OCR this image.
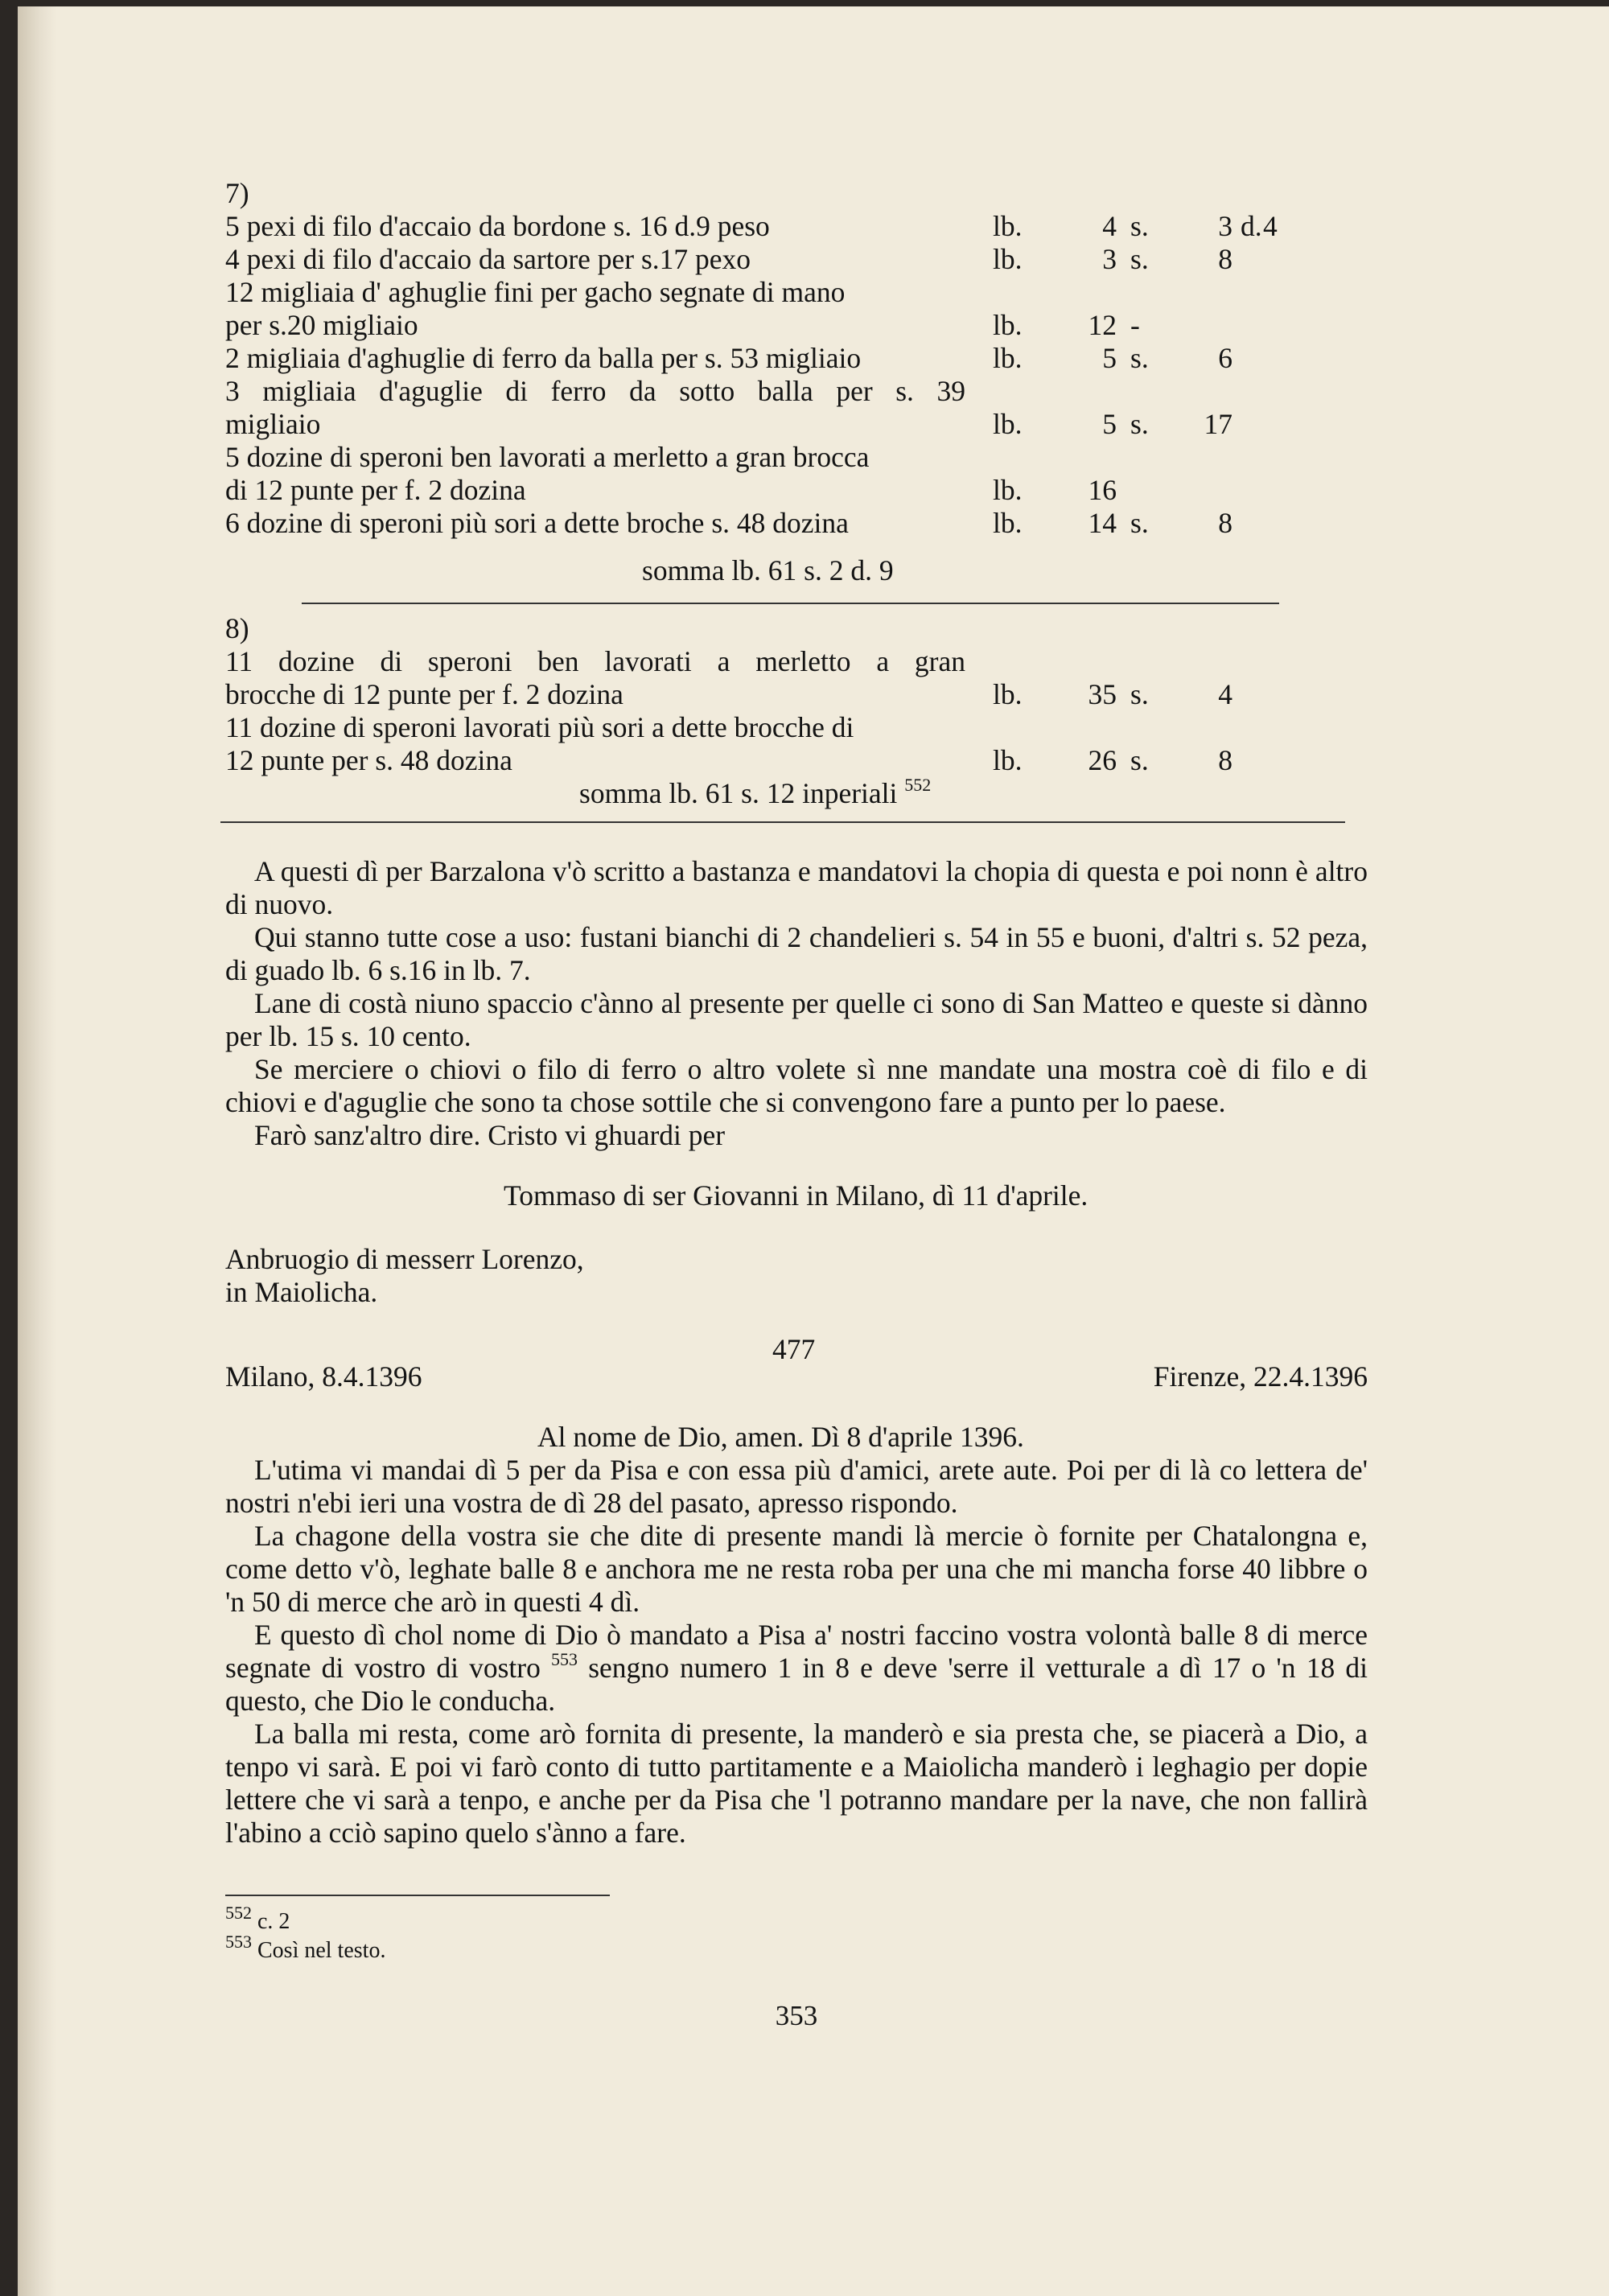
7)
5 pexi di filo d'accaio da bordone s. 16 d.9 peso	lb.	4 s.	3 d. 4
4 pexi di filo d'accaio da sartore per s.17 pexo	lb.	3 s.	8
12 migliaia d' aghuglie fini per gacho segnate di mano
per s.20 migliaio	lb.	12 -
2 migliaia d'aghuglie di ferro da balla per s. 53 migliaio	lb.	5 s.	6
3 migliaia d'aguglie di ferro da sotto balla per s. 39
migliaio	lb.	5 s.	17
5 dozine di speroni ben lavorati a merletto a gran brocca
di 12 punte per f. 2 dozina	lb.	16
6 dozine di speroni più sori a dette broche s. 48 dozina	lb.	14 s.	8
somma lb. 61 s. 2 d. 9
8)
11 dozine di speroni ben lavorati a merletto a gran
brocche di 12 punte per f. 2 dozina	lb.	35 s.	4
11 dozine di speroni lavorati più sori a dette brocche di
12 punte per s. 48 dozina	lb.	26 s.	8
somma lb. 61 s. 12 inperiali $^{552}$

A questi dì per Barzalona v'ò scritto a bastanza e mandatovi la chopia di questa e poi nonn è altro di nuovo.

Qui stanno tutte cose a uso: fustani bianchi di 2 chandelieri s. 54 in 55 e buoni, d'altri s. 52 peza, di guado lb. 6 s.16 in lb. 7.

Lane di costà niuno spaccio c'ànno al presente per quelle ci sono di San Matteo e queste si dànno per lb. 15 s. 10 cento.

Se merciere o chiovi o filo di ferro o altro volete sì nne mandate una mostra coè di filo e di chiovi e d'aguglie che sono ta chose sottile che si convengono fare a punto per lo paese.

Farò sanz'altro dire. Cristo vi ghuardi per

Tommaso di ser Giovanni in Milano, dì 11 d'aprile.
Anbruogio di messerr Lorenzo,
in Maiolicha.
477
Milano, 8.4.1396	Firenze, 22.4.1396
Al nome de Dio, amen. Dì 8 d'aprile 1396.

L'utima vi mandai dì 5 per da Pisa e con essa più d'amici, arete aute. Poi per di là co lettera de' nostri n'ebi ieri una vostra de dì 28 del pasato, apresso rispondo.

La chagone della vostra sie che dite di presente mandi là mercie ò fornite per Chatalongna e, come detto v'ò, leghate balle 8 e anchora me ne resta roba per una che mi mancha forse 40 libbre o 'n 50 di merce che arò in questi 4 dì.

E questo dì chol nome di Dio ò mandato a Pisa a' nostri faccino vostra volontà balle 8 di merce segnate di vostro di vostro $^{553}$ sengno numero 1 in 8 e deve 'serre il vetturale a dì 17 o 'n 18 di questo, che Dio le conducha.

La balla mi resta, come arò fornita di presente, la manderò e sia presta che, se piacerà a Dio, a tenpo vi sarà. E poi vi farò conto di tutto partitamente e a Maiolicha manderò i leghagio per dopie lettere che vi sarà a tenpo, e anche per da Pisa che 'l potranno mandare per la nave, che non fallirà l'abino a cciò sapino quelo s'ànno a fare.

$^{552}$ c. 2
$^{553}$ Così nel testo.
353
